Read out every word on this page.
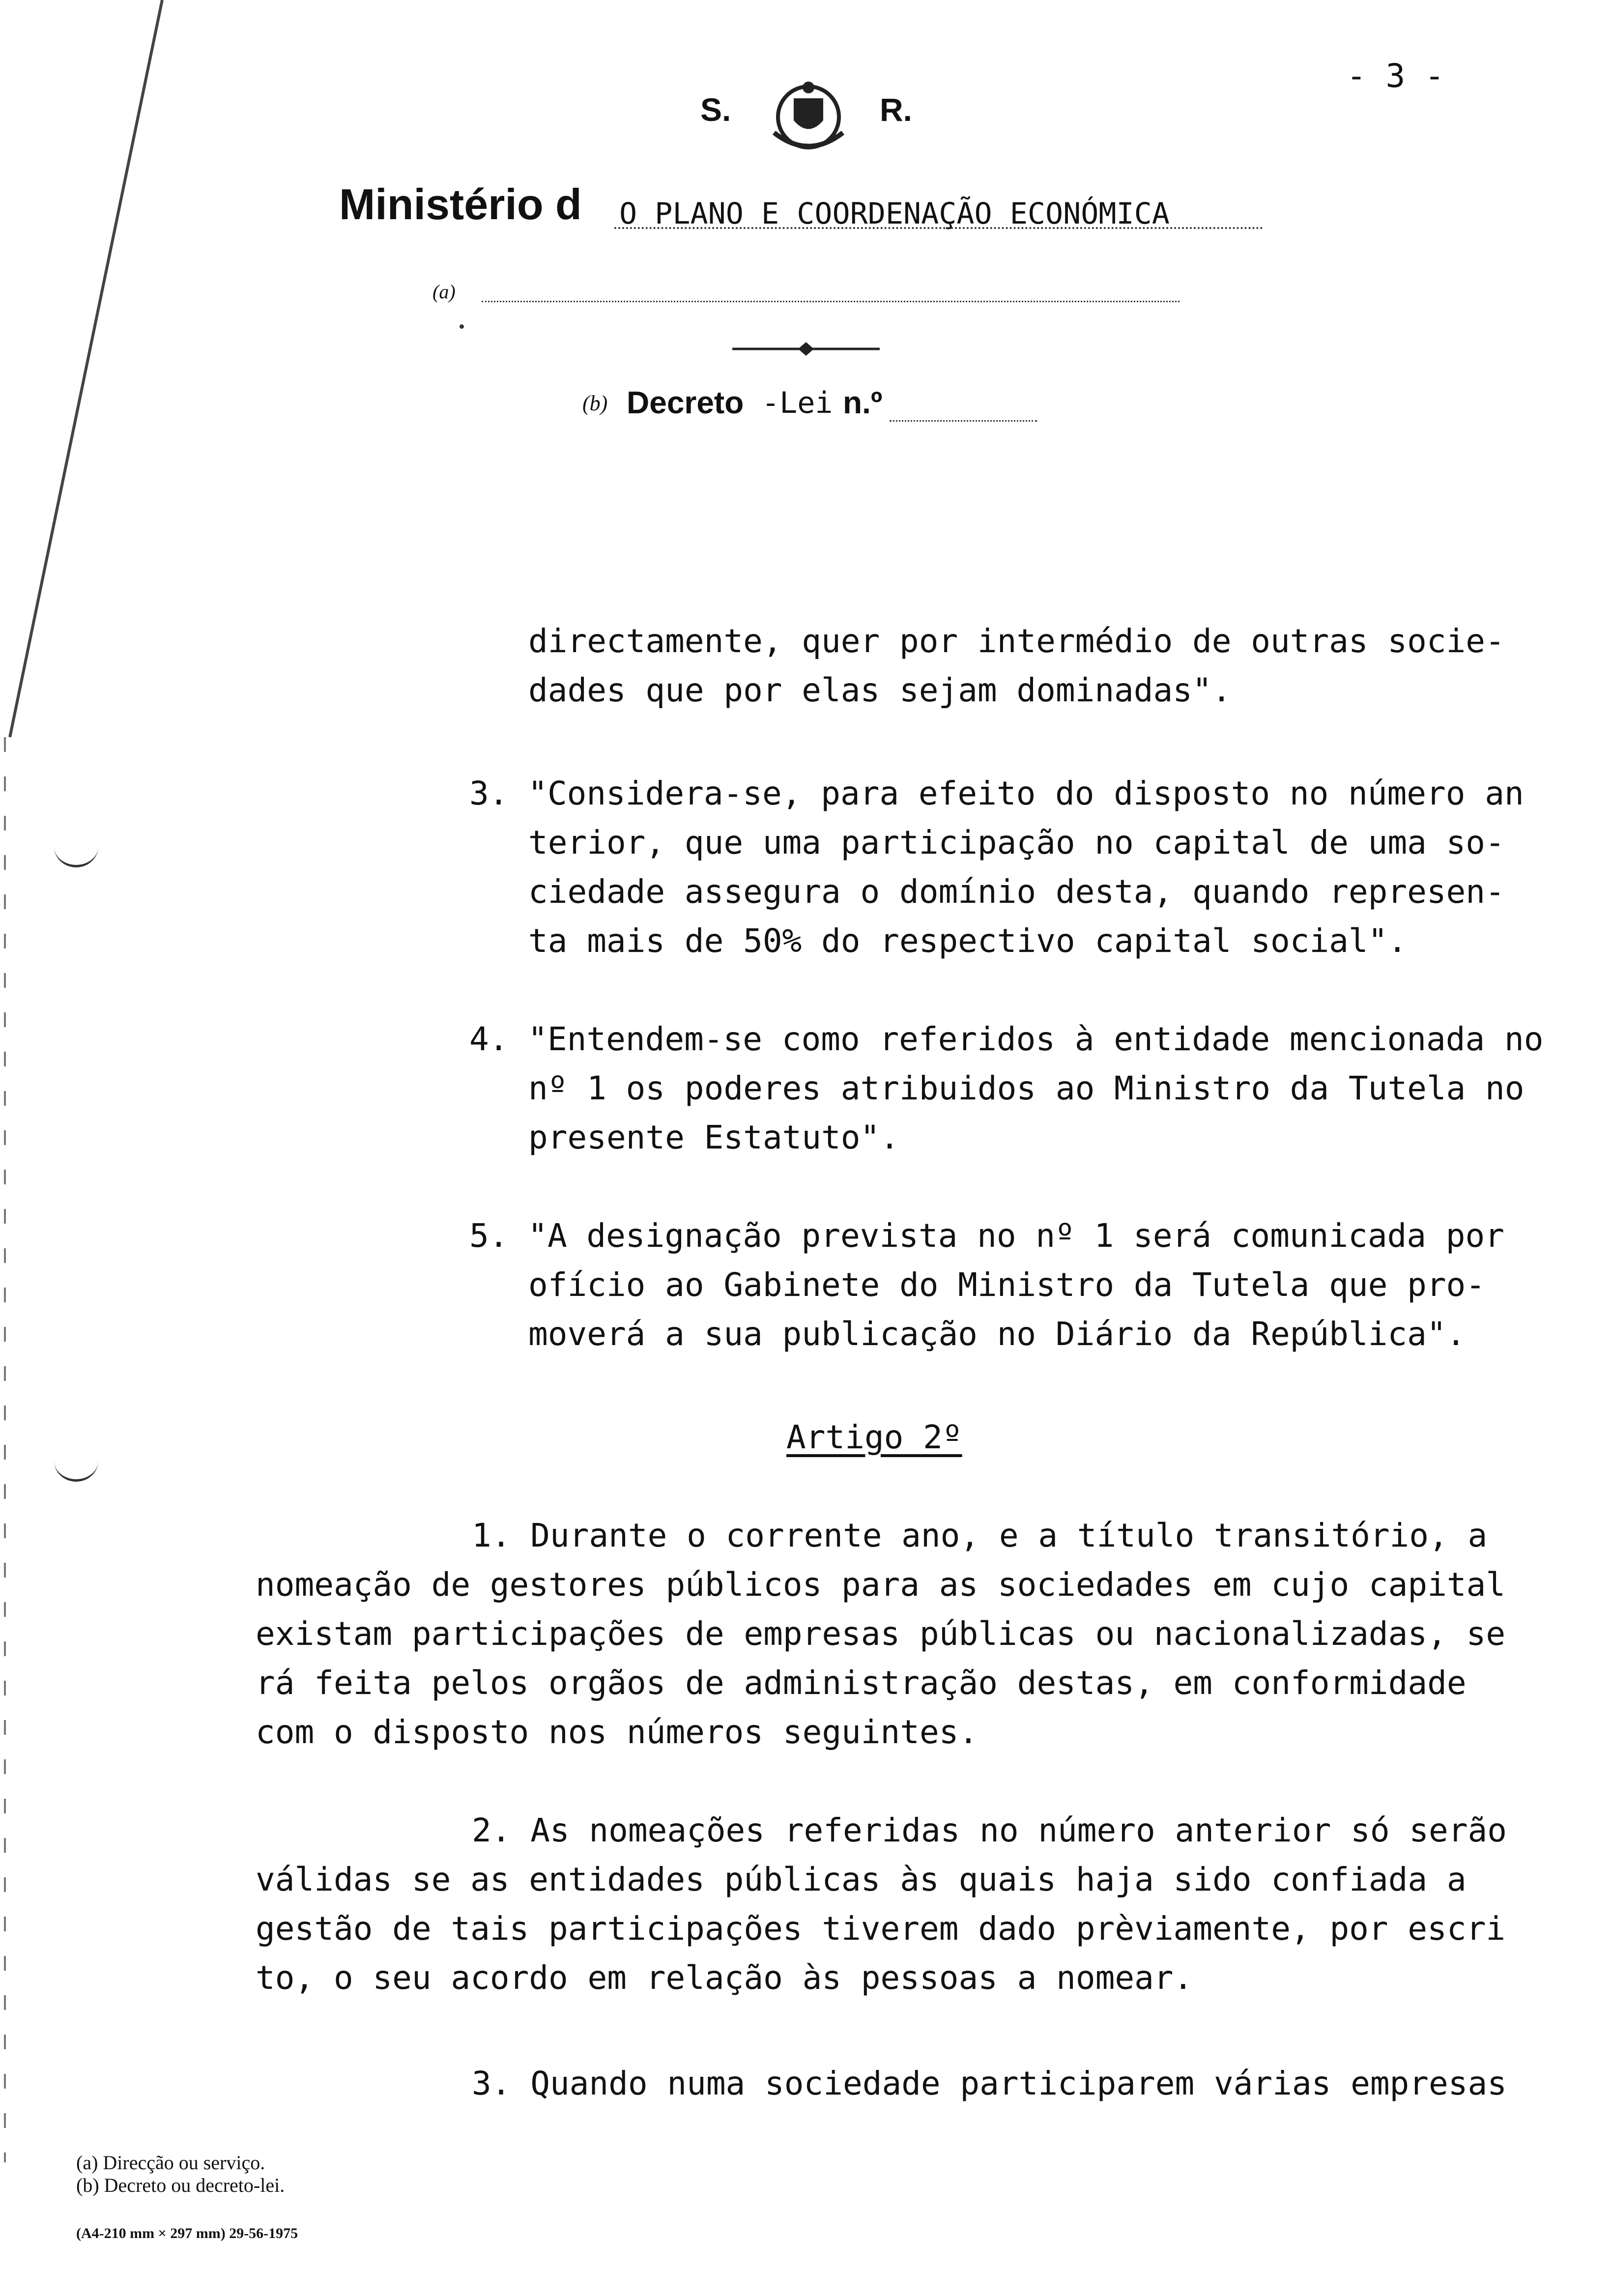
- 3 -
S.	R.
Ministério d O PLANO E COORDENAÇÃO ECONÓMICA
(a)
(b) Decreto -Lei n.º
directamente, quer por intermédio de outras socie-
dades que por elas sejam dominadas".
3. "Considera-se, para efeito do disposto no número an
terior, que uma participação no capital de uma so-
ciedade assegura o domínio desta, quando represen-
ta mais de 50% do respectivo capital social".
4. "Entendem-se como referidos à entidade mencionada no
nº 1 os poderes atribuidos ao Ministro da Tutela no
presente Estatuto".
5. "A designação prevista no nº 1 será comunicada por
ofício ao Gabinete do Ministro da Tutela que pro-
moverá a sua publicação no Diário da República".
Artigo 2º
1. Durante o corrente ano, e a título transitório, a
nomeação de gestores públicos para as sociedades em cujo capital
existam participações de empresas públicas ou nacionalizadas, se
rá feita pelos orgãos de administração destas, em conformidade
com o disposto nos números seguintes.
2. As nomeações referidas no número anterior só serão
válidas se as entidades públicas às quais haja sido confiada a
gestão de tais participações tiverem dado prèviamente, por escri
to, o seu acordo em relação às pessoas a nomear.
3. Quando numa sociedade participarem várias empresas
(a) Direcção ou serviço.
(b) Decreto ou decreto-lei.
(A4-210 mm × 297 mm) 29-56-1975
